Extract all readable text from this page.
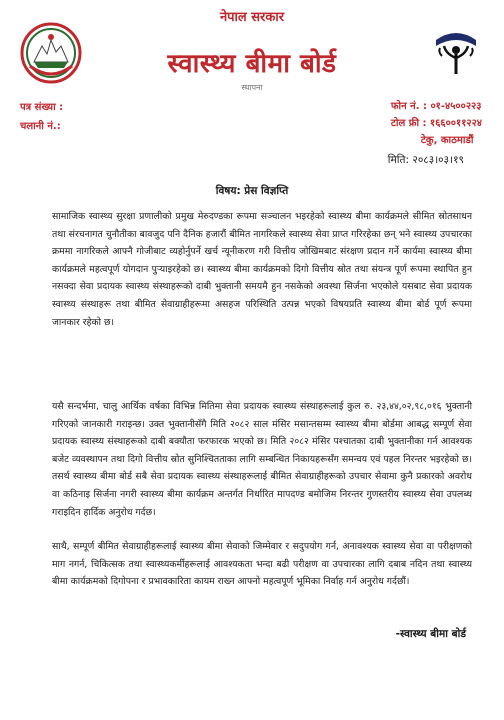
नेपाल सरकार
स्वास्थ्य बीमा बोर्ड
स्थापना
पत्र संख्या :
चलानी नं.:
फोन नं. : ०१-४५००२२३
टोल फ्री : १६६००११२२४
टेकु, काठमाडौं
मिति: २०८३।०३।१९
विषय: प्रेस विज्ञप्ति

सामाजिक स्वास्थ्य सुरक्षा प्रणालीको प्रमुख मेरुदण्डका रूपमा सञ्चालन भइरहेको स्वास्थ्य बीमा कार्यक्रमले सीमित स्रोतसाधन तथा संरचनागत चुनौतीका बावजुद पनि दैनिक हजारौं बीमित नागरिकले स्वास्थ्य सेवा प्राप्त गरिरहेका छन् भने स्वास्थ्य उपचारका क्रममा नागरिकले आफ्नै गोजीबाट व्यहोर्नुपर्ने खर्च न्यूनीकरण गरी वित्तीय जोखिमबाट संरक्षण प्रदान गर्ने कार्यमा स्वास्थ्य बीमा कार्यक्रमले महत्वपूर्ण योगदान पुऱ्याइरहेको छ। स्वास्थ्य बीमा कार्यक्रमको दिगो वित्तीय स्रोत तथा संयन्त्र पूर्ण रूपमा स्थापित हुन नसक्दा सेवा प्रदायक स्वास्थ्य संस्थाहरूको दाबी भुक्तानी समयमै हुन नसकेको अवस्था सिर्जना भएकोले यसबाट सेवा प्रदायक स्वास्थ्य संस्थाहरू तथा बीमित सेवाग्राहीहरूमा असहज परिस्थिति उत्पन्न भएको विषयप्रति स्वास्थ्य बीमा बोर्ड पूर्ण रूपमा जानकार रहेको छ।

यसै सन्दर्भमा, चालु आर्थिक वर्षका विभिन्न मितिमा सेवा प्रदायक स्वास्थ्य संस्थाहरूलाई कुल रु. २३,४४,०२,९८,०१६ भुक्तानी गरिएको जानकारी गराइन्छ। उक्त भुक्तानीसँगै मिति २०८२ साल मंसिर मसान्तसम्म स्वास्थ्य बीमा बोर्डमा आबद्ध सम्पूर्ण सेवा प्रदायक स्वास्थ्य संस्थाहरूको दाबी बक्यौता फरफारक भएको छ। मिति २०८२ मंसिर पश्चातका दाबी भुक्तानीका गर्न आवश्यक बजेट व्यवस्थापन तथा दिगो वित्तीय स्रोत सुनिश्चितताका लागि सम्बन्धित निकायहरूसँग समन्वय एवं पहल निरन्तर भइरहेको छ। तसर्थ स्वास्थ्य बीमा बोर्ड सबै सेवा प्रदायक स्वास्थ्य संस्थाहरूलाई बीमित सेवाग्राहीहरूको उपचार सेवामा कुनै प्रकारको अवरोध वा कठिनाइ सिर्जना नगरी स्वास्थ्य बीमा कार्यक्रम अन्तर्गत निर्धारित मापदण्ड बमोजिम निरन्तर गुणस्तरीय स्वास्थ्य सेवा उपलब्ध गराइदिन हार्दिक अनुरोध गर्दछ।

साथै, सम्पूर्ण बीमित सेवाग्राहीहरूलाई स्वास्थ्य बीमा सेवाको जिम्मेवार र सदुपयोग गर्न, अनावश्यक स्वास्थ्य सेवा वा परीक्षणको माग नगर्न, चिकित्सक तथा स्वास्थ्यकर्मीहरूलाई आवश्यकता भन्दा बढी परीक्षण वा उपचारका लागि दबाब नदिन तथा स्वास्थ्य बीमा कार्यक्रमको दिगोपना र प्रभावकारिता कायम राख्न आफ्नो महत्वपूर्ण भूमिका निर्वाह गर्न अनुरोध गर्दछौं।

-स्वास्थ्य बीमा बोर्ड
